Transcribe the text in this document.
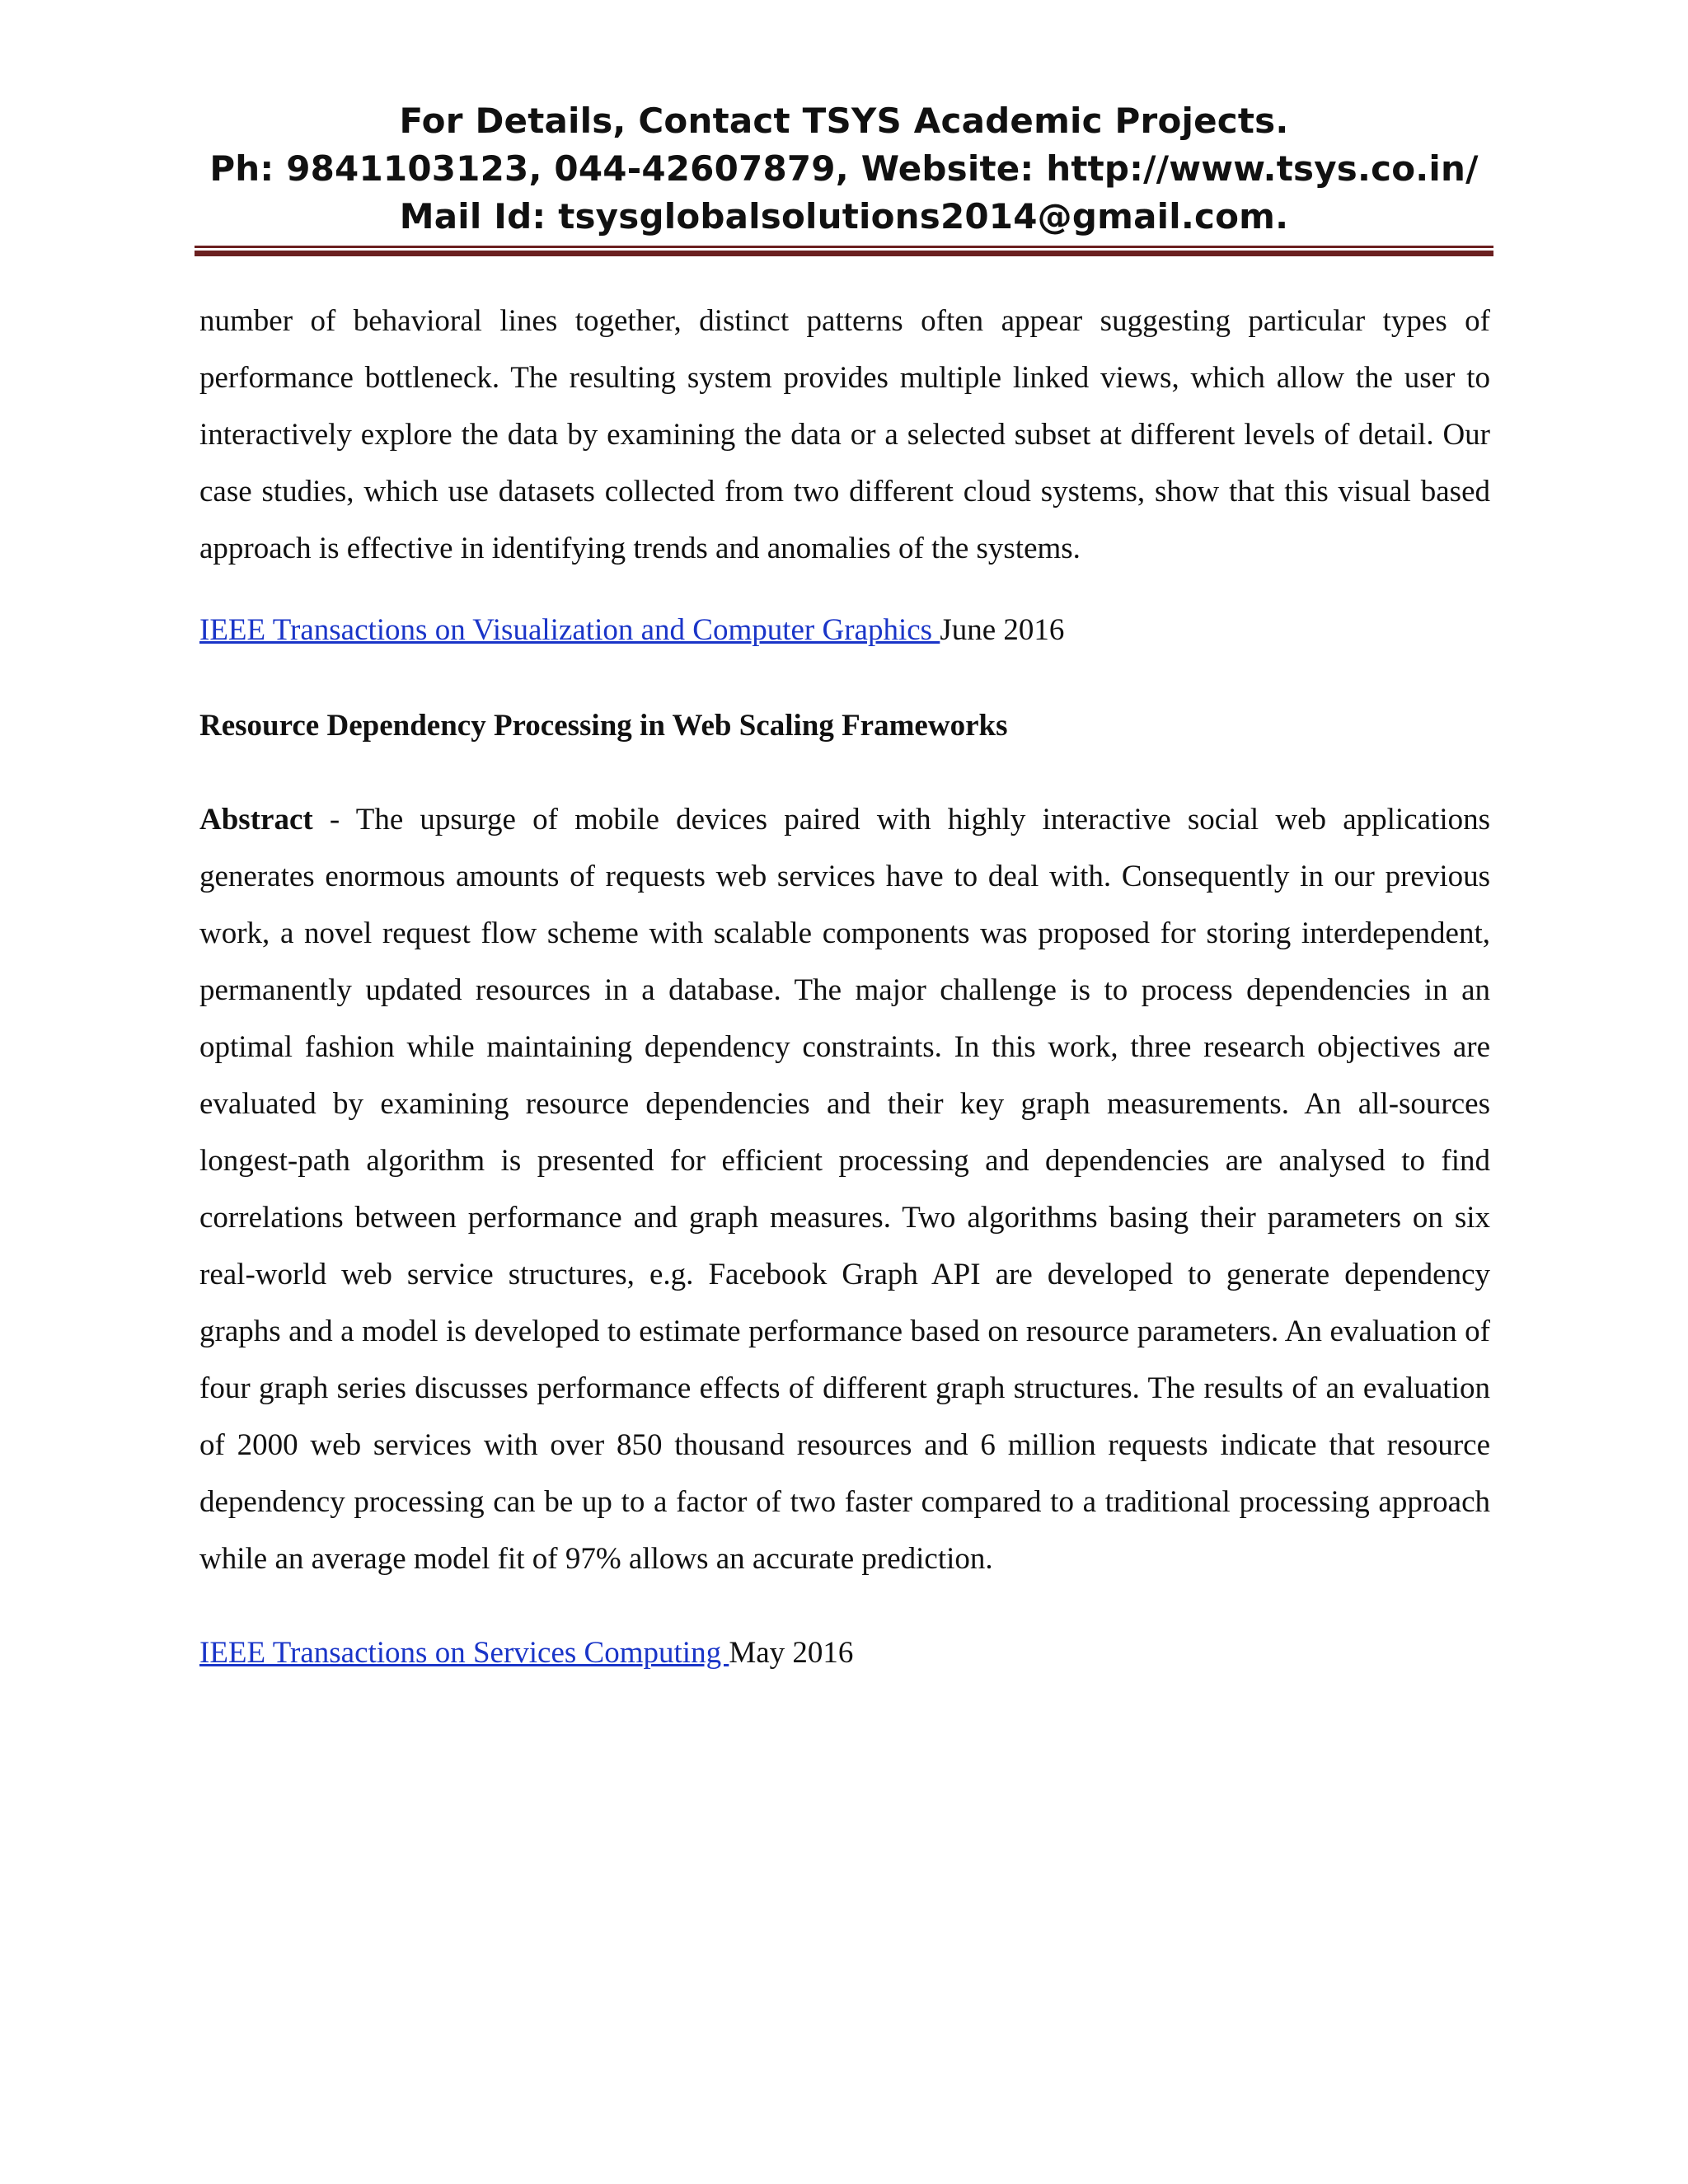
For Details, Contact TSYS Academic Projects.
Ph: 9841103123, 044-42607879, Website: http://www.tsys.co.in/
Mail Id: tsysglobalsolutions2014@gmail.com.

number of behavioral lines together, distinct patterns often appear suggesting particular types of performance bottleneck. The resulting system provides multiple linked views, which allow the user to interactively explore the data by examining the data or a selected subset at different levels of detail. Our case studies, which use datasets collected from two different cloud systems, show that this visual based approach is effective in identifying trends and anomalies of the systems.

IEEE Transactions on Visualization and Computer Graphics June 2016

Resource Dependency Processing in Web Scaling Frameworks

Abstract - The upsurge of mobile devices paired with highly interactive social web applications generates enormous amounts of requests web services have to deal with. Consequently in our previous work, a novel request flow scheme with scalable components was proposed for storing interdependent, permanently updated resources in a database. The major challenge is to process dependencies in an optimal fashion while maintaining dependency constraints. In this work, three research objectives are evaluated by examining resource dependencies and their key graph measurements. An all-sources longest-path algorithm is presented for efficient processing and dependencies are analysed to find correlations between performance and graph measures. Two algorithms basing their parameters on six real-world web service structures, e.g. Facebook Graph API are developed to generate dependency graphs and a model is developed to estimate performance based on resource parameters. An evaluation of four graph series discusses performance effects of different graph structures. The results of an evaluation of 2000 web services with over 850 thousand resources and 6 million requests indicate that resource dependency processing can be up to a factor of two faster compared to a traditional processing approach while an average model fit of 97% allows an accurate prediction.

IEEE Transactions on Services Computing May 2016
